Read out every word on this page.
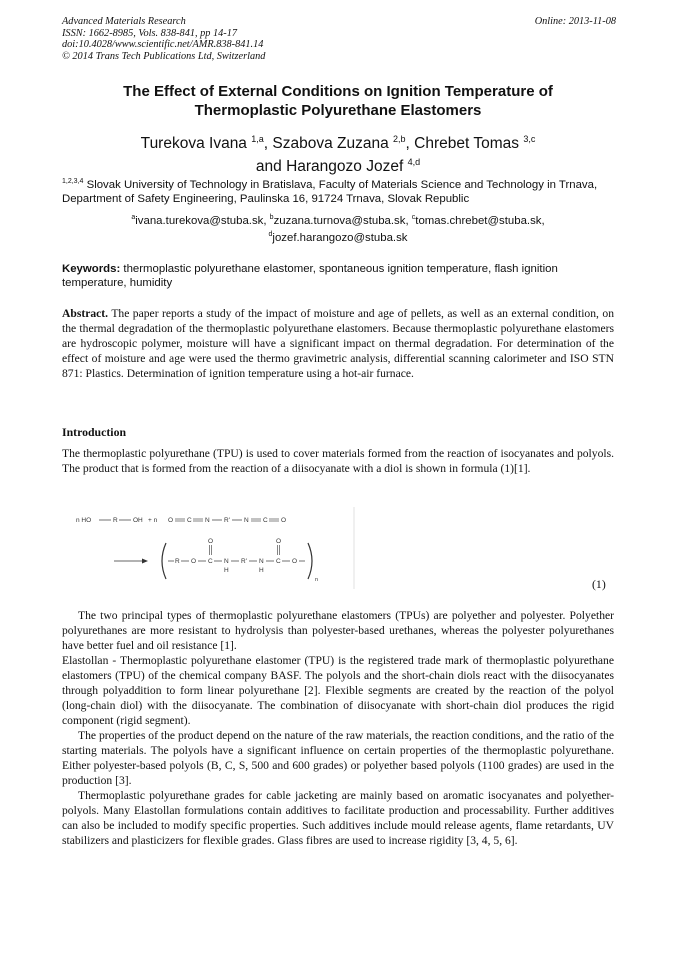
Advanced Materials Research
ISSN: 1662-8985, Vols. 838-841, pp 14-17
doi:10.4028/www.scientific.net/AMR.838-841.14
© 2014 Trans Tech Publications Ltd, Switzerland
Online: 2013-11-08
The Effect of External Conditions on Ignition Temperature of
Thermoplastic Polyurethane Elastomers
Turekova Ivana $^{1,a}$, Szabova Zuzana $^{2,b}$, Chrebet Tomas $^{3,c}$
and Harangozo Jozef $^{4,d}$
$^{1,2,3,4}$ Slovak University of Technology in Bratislava, Faculty of Materials Science and Technology in Trnava, Department of Safety Engineering, Paulinska 16, 91724 Trnava, Slovak Republic
$^a$ivana.turekova@stuba.sk, $^b$zuzana.turnova@stuba.sk, $^c$tomas.chrebet@stuba.sk,
$^d$jozef.harangozo@stuba.sk
Keywords: thermoplastic polyurethane elastomer, spontaneous ignition temperature, flash ignition temperature, humidity
Abstract. The paper reports a study of the impact of moisture and age of pellets, as well as an external condition, on the thermal degradation of the thermoplastic polyurethane elastomers. Because thermoplastic polyurethane elastomers are hydroscopic polymer, moisture will have a significant impact on thermal degradation. For determination of the effect of moisture and age were used the thermo gravimetric analysis, differential scanning calorimeter and ISO STN 871: Plastics. Determination of ignition temperature using a hot-air furnace.
Introduction
The thermoplastic polyurethane (TPU) is used to cover materials formed from the reaction of isocyanates and polyols. The product that is formed from the reaction of a diisocyanate with a diol is shown in formula (1)[1].
n HO	R OH + n O C N R' N C O
R O C
O
N
H
R' N
H
C
O
O
n	(1)

The two principal types of thermoplastic polyurethane elastomers (TPUs) are polyether and polyester. Polyether polyurethanes are more resistant to hydrolysis than polyester-based urethanes, whereas the polyester polyurethanes have better fuel and oil resistance [1].

Elastollan - Thermoplastic polyurethane elastomer (TPU) is the registered trade mark of thermoplastic polyurethane elastomers (TPU) of the chemical company BASF. The polyols and the short-chain diols react with the diisocyanates through polyaddition to form linear polyurethane [2]. Flexible segments are created by the reaction of the polyol (long-chain diol) with the diisocyanate. The combination of diisocyanate with short-chain diol produces the rigid component (rigid segment).

The properties of the product depend on the nature of the raw materials, the reaction conditions, and the ratio of the starting materials. The polyols have a significant influence on certain properties of the thermoplastic polyurethane. Either polyester-based polyols (B, C, S, 500 and 600 grades) or polyether based polyols (1100 grades) are used in the production [3].

Thermoplastic polyurethane grades for cable jacketing are mainly based on aromatic isocyanates and polyether-polyols. Many Elastollan formulations contain additives to facilitate production and processability. Further additives can also be included to modify specific properties. Such additives include mould release agents, flame retardants, UV stabilizers and plasticizers for flexible grades. Glass fibres are used to increase rigidity [3, 4, 5, 6].
